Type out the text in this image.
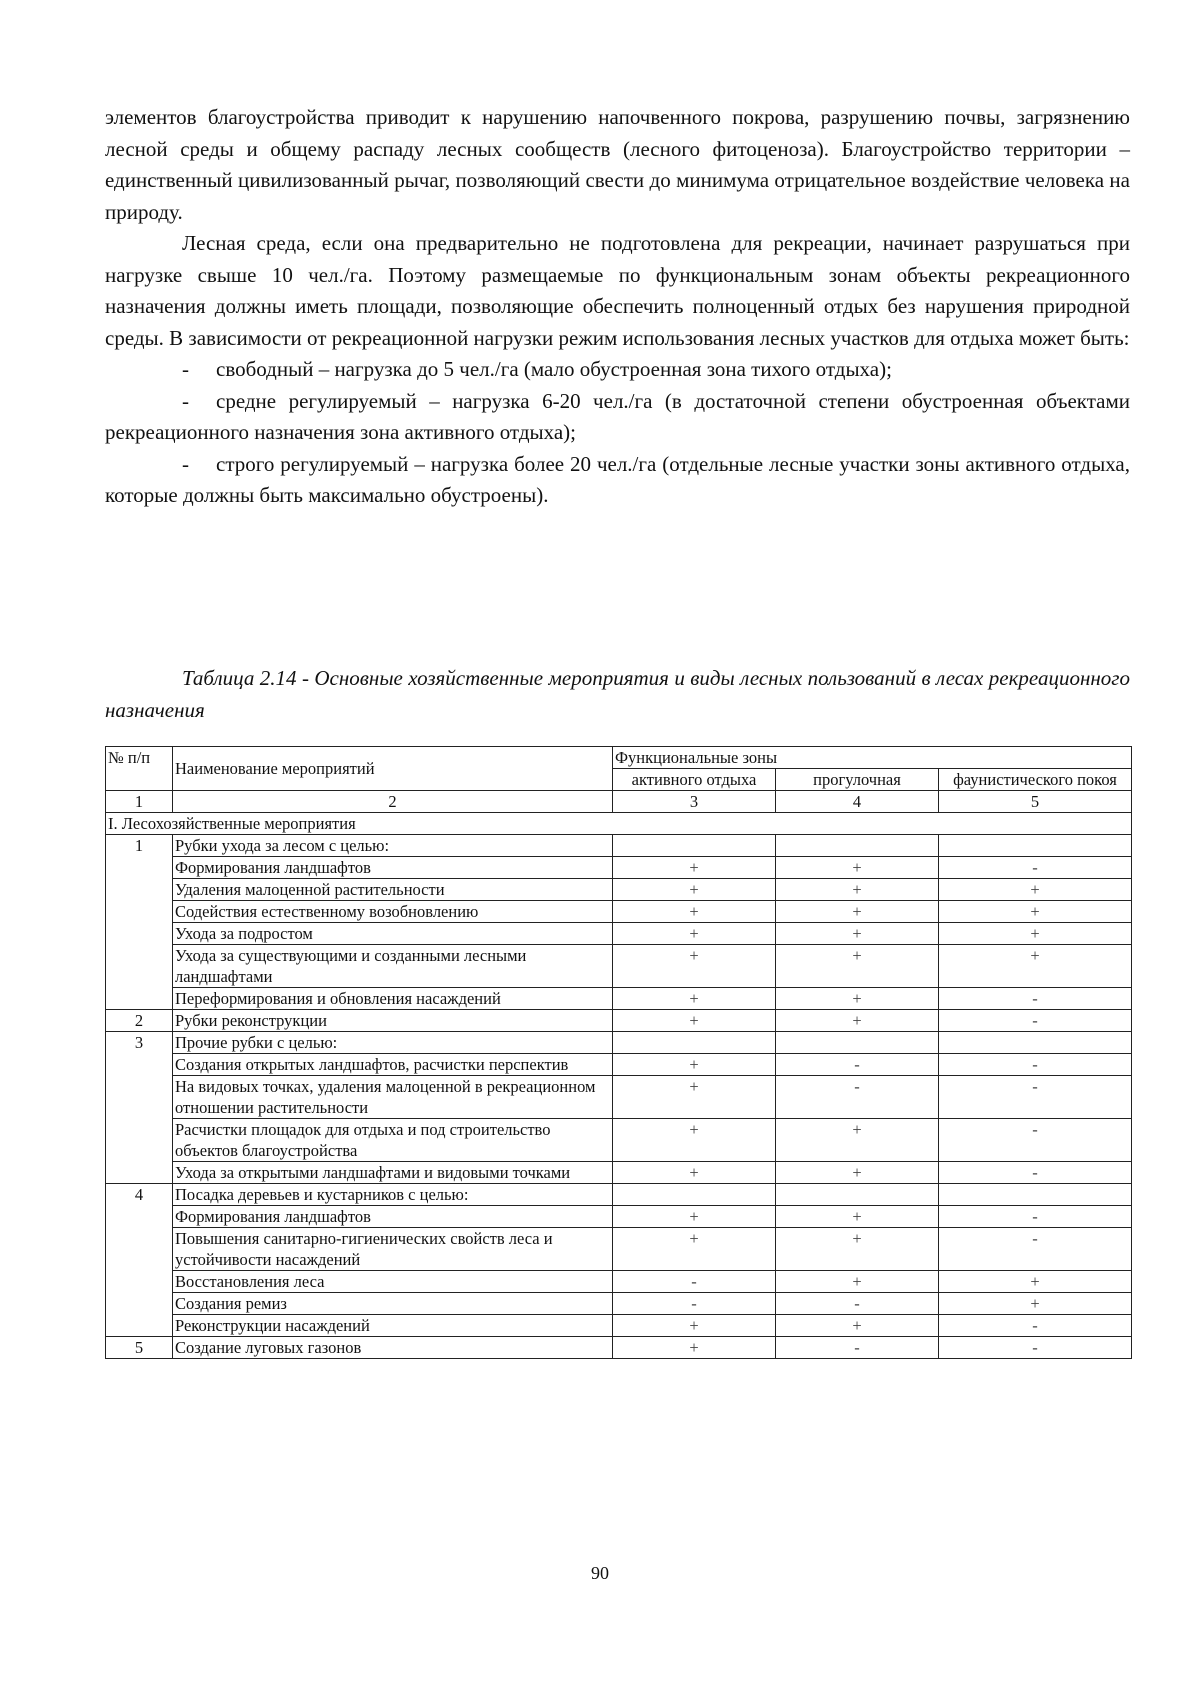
элементов благоустройства приводит к нарушению напочвенного покрова, разрушению почвы, загрязнению лесной среды и общему распаду лесных сообществ (лесного фитоценоза). Благоустройство территории – единственный цивилизованный рычаг, позволяющий свести до минимума отрицательное воздействие человека на природу.

Лесная среда, если она предварительно не подготовлена для рекреации, начинает разрушаться при нагрузке свыше 10 чел./га. Поэтому размещаемые по функциональным зонам объекты рекреационного назначения должны иметь площади, позволяющие обеспечить полноценный отдых без нарушения природной среды. В зависимости от рекреационной нагрузки режим использования лесных участков для отдыха может быть:

- свободный – нагрузка до 5 чел./га (мало обустроенная зона тихого отдыха);

- средне регулируемый – нагрузка 6-20 чел./га (в достаточной степени обустроенная объектами рекреационного назначения зона активного отдыха);

- строго регулируемый – нагрузка более 20 чел./га (отдельные лесные участки зоны активного отдыха, которые должны быть максимально обустроены).

Таблица 2.14 - Основные хозяйственные мероприятия и виды лесных пользований в лесах рекреационного назначения
№ п/п	Наименование мероприятий	Функциональные зоны		
		активного отдыха	прогулочная	фаунистического покоя
1	2	3	4	5
I. Лесохозяйственные мероприятия				
1	Рубки ухода за лесом с целью:			
	Формирования ландшафтов	+	+	-
	Удаления малоценной растительности	+	+	+
	Содействия естественному возобновлению	+	+	+
	Ухода за подростом	+	+	+
	Ухода за существующими и созданными лесными ландшафтами	+	+	+
	Переформирования и обновления насаждений	+	+	-
2	Рубки реконструкции	+	+	-
3	Прочие рубки с целью:			
	Создания открытых ландшафтов, расчистки перспектив	+	-	-
	На видовых точках, удаления малоценной в рекреационном отношении растительности	+	-	-
	Расчистки площадок для отдыха и под строительство объектов благоустройства	+	+	-
	Ухода за открытыми ландшафтами и видовыми точками	+	+	-
4	Посадка деревьев и кустарников с целью:			
	Формирования ландшафтов	+	+	-
	Повышения санитарно-гигиенических свойств леса и устойчивости насаждений	+	+	-
	Восстановления леса	-	+	+
	Создания ремиз	-	-	+
	Реконструкции насаждений	+	+	-
5	Создание луговых газонов	+	-	-
90
